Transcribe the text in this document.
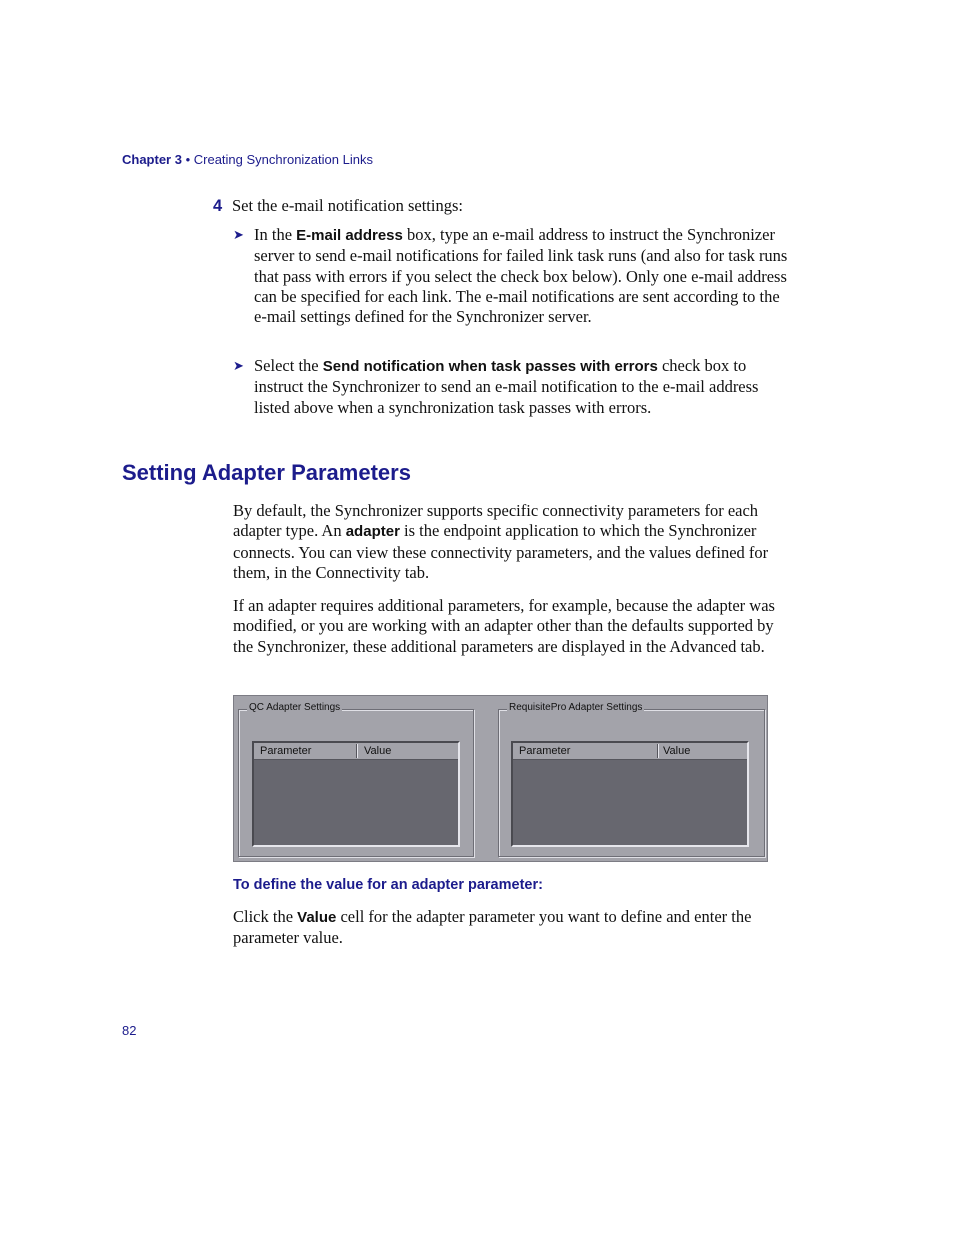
Chapter 3 • Creating Synchronization Links
4 Set the e-mail notification settings:
➤ In the E-mail address box, type an e-mail address to instruct the Synchronizer server to send e-mail notifications for failed link task runs (and also for task runs that pass with errors if you select the check box below). Only one e-mail address can be specified for each link. The e-mail notifications are sent according to the e-mail settings defined for the Synchronizer server.
➤ Select the Send notification when task passes with errors check box to instruct the Synchronizer to send an e-mail notification to the e-mail address listed above when a synchronization task passes with errors.
Setting Adapter Parameters
By default, the Synchronizer supports specific connectivity parameters for each adapter type. An adapter is the endpoint application to which the Synchronizer connects. You can view these connectivity parameters, and the values defined for them, in the Connectivity tab.
If an adapter requires additional parameters, for example, because the adapter was modified, or you are working with an adapter other than the defaults supported by the Synchronizer, these additional parameters are displayed in the Advanced tab.
QC Adapter Settings
Parameter	Value
RequisitePro Adapter Settings
Parameter	Value
To define the value for an adapter parameter:
Click the Value cell for the adapter parameter you want to define and enter the parameter value.
82
